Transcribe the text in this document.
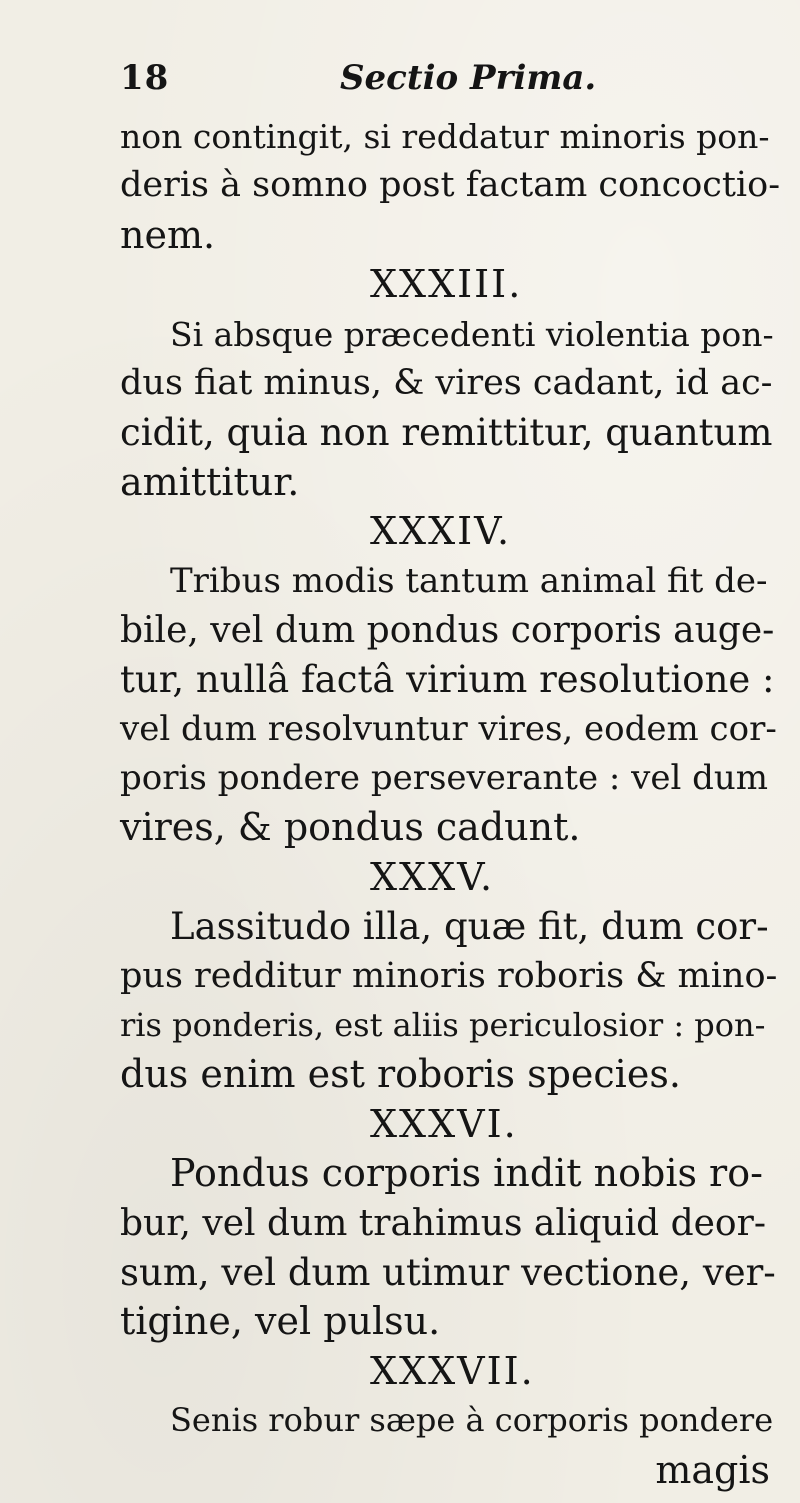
18	Sectio Prima.

non contingit, si reddatur minoris pon-

deris à somno post factam concoctio-

nem.

XXXIII.

Si absque præcedenti violentia pon-

dus fiat minus, & vires cadant, id ac-

cidit, quia non remittitur, quantum

amittitur.

XXXIV.

Tribus modis tantum animal fit de-

bile, vel dum pondus corporis auge-

tur, nullâ factâ virium resolutione :

vel dum resolvuntur vires, eodem cor-

poris pondere perseverante : vel dum

vires, & pondus cadunt.

XXXV.

Lassitudo illa, quæ fit, dum cor-

pus redditur minoris roboris & mino-

ris ponderis, est aliis periculosior : pon-

dus enim est roboris species.

XXXVI.

Pondus corporis indit nobis ro-

bur, vel dum trahimus aliquid deor-

sum, vel dum utimur vectione, ver-

tigine, vel pulsu.

XXXVII.

Senis robur sæpe à corporis pondere

magis
